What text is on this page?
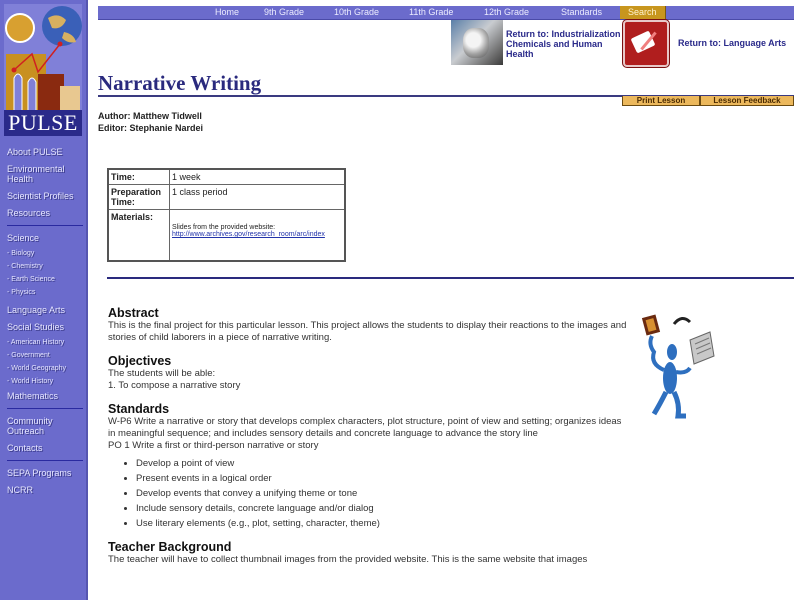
PULSE
About PULSE
Environmental Health
Scientist Profiles
Resources
Science
- Biology
- Chemistry
- Earth Science
- Physics
Language Arts
Social Studies
- American History
- Government
- World Geography
- World History
Mathematics
Community Outreach
Contacts
SEPA Programs
NCRR
Home	9th Grade	10th Grade	11th Grade	12th Grade	Standards	Search
Return to: Industrialization Chemicals and Human Health
Return to: Language Arts
Narrative Writing
Print Lesson	Lesson Feedback
Author: Matthew Tidwell
Editor: Stephanie Nardei
Time:	1 week
Preparation Time:	1 class period
Materials:	Slides from the provided website:
http://www.archives.gov/research_room/arc/index
Abstract

This is the final project for this particular lesson. This project allows the students to display their reactions to the images and stories of child laborers in a piece of narrative writing.

Objectives
The students will be able:

1. To compose a narrative story

Standards
W-P6 Write a narrative or story that develops complex characters, plot structure, point of view and setting; organizes ideas in meaningful sequence; and includes sensory details and concrete language to advance the story line
PO 1 Write a first or third-person narrative or story
• Develop a point of view
• Present events in a logical order
• Develop events that convey a unifying theme or tone
• Include sensory details, concrete language and/or dialog
• Use literary elements (e.g., plot, setting, character, theme)
Teacher Background
The teacher will have to collect thumbnail images from the provided website. This is the same website that images
